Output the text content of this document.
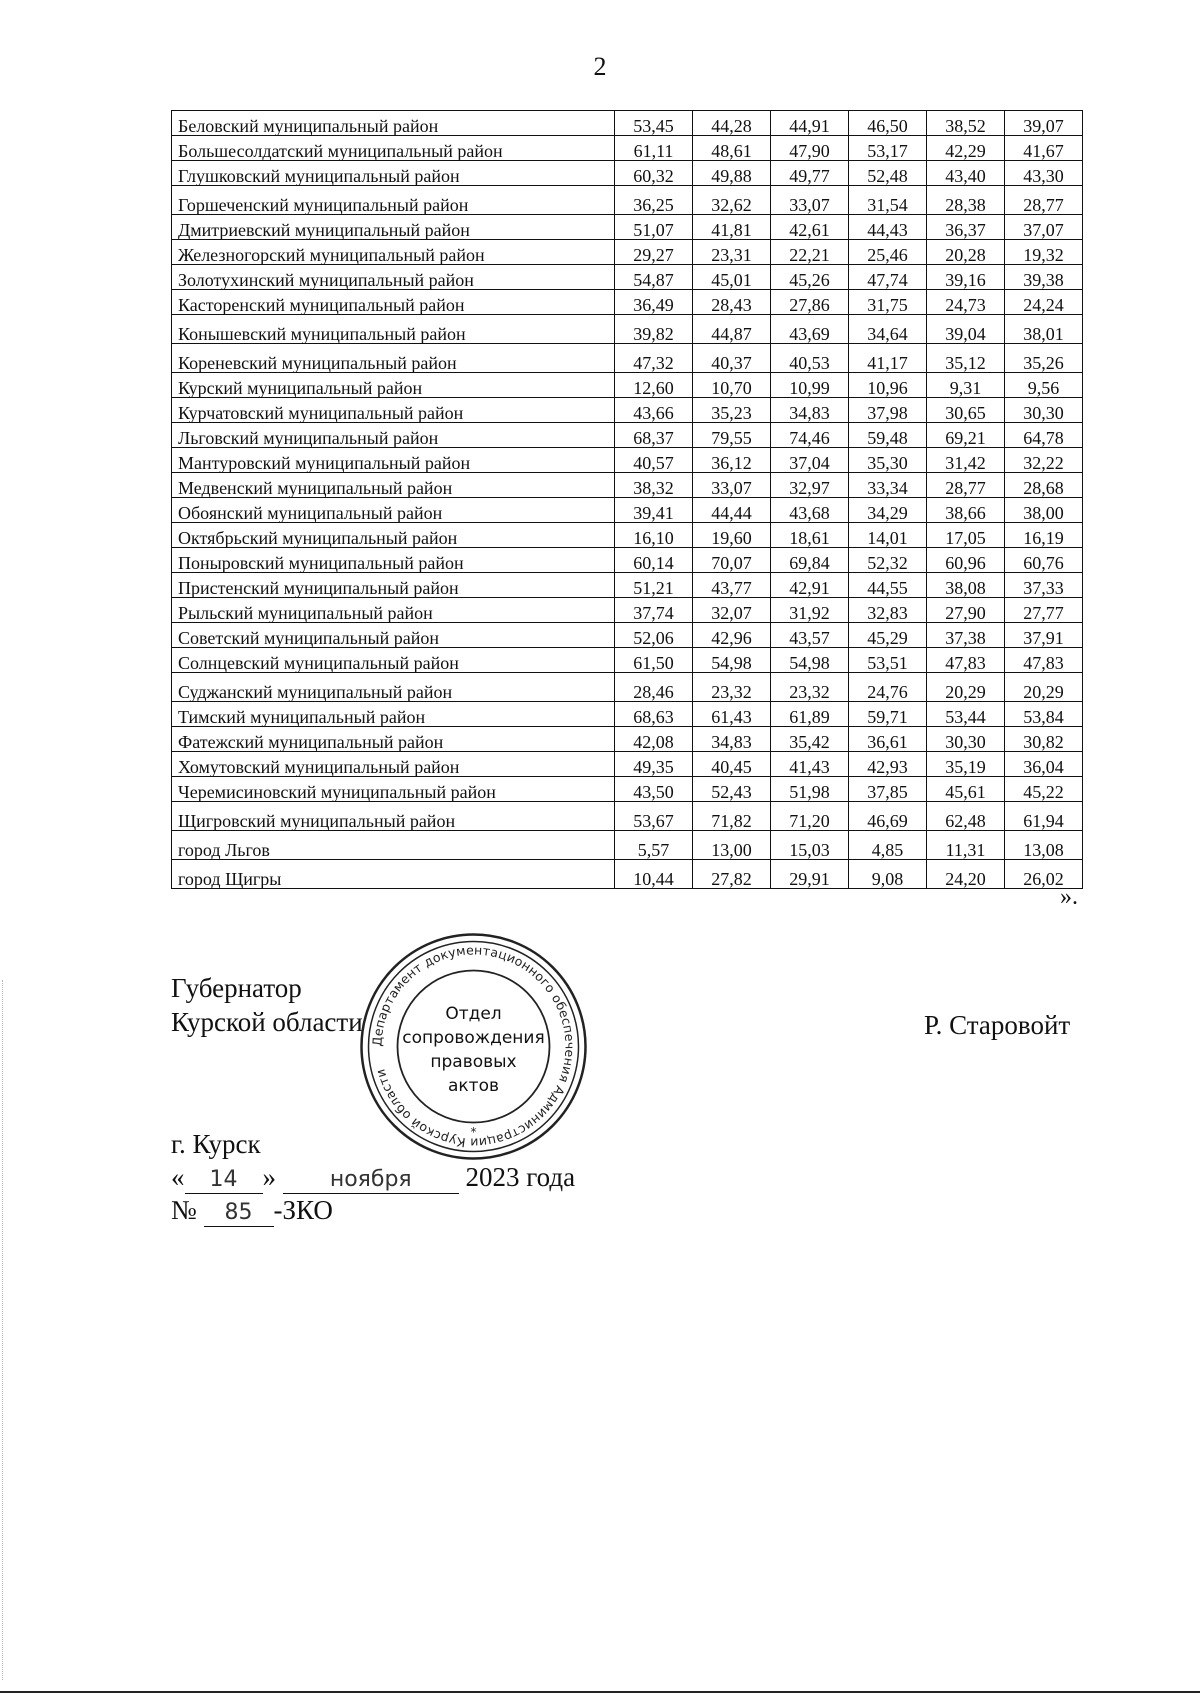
2
Беловский муниципальный район	53,45	44,28	44,91	46,50	38,52	39,07
Большесолдатский муниципальный район	61,11	48,61	47,90	53,17	42,29	41,67
Глушковский муниципальный район	60,32	49,88	49,77	52,48	43,40	43,30
Горшеченский муниципальный район	36,25	32,62	33,07	31,54	28,38	28,77
Дмитриевский муниципальный район	51,07	41,81	42,61	44,43	36,37	37,07
Железногорский муниципальный район	29,27	23,31	22,21	25,46	20,28	19,32
Золотухинский муниципальный район	54,87	45,01	45,26	47,74	39,16	39,38
Касторенский муниципальный район	36,49	28,43	27,86	31,75	24,73	24,24
Конышевский муниципальный район	39,82	44,87	43,69	34,64	39,04	38,01
Кореневский муниципальный район	47,32	40,37	40,53	41,17	35,12	35,26
Курский муниципальный район	12,60	10,70	10,99	10,96	9,31	9,56
Курчатовский муниципальный район	43,66	35,23	34,83	37,98	30,65	30,30
Льговский муниципальный район	68,37	79,55	74,46	59,48	69,21	64,78
Мантуровский муниципальный район	40,57	36,12	37,04	35,30	31,42	32,22
Медвенский муниципальный район	38,32	33,07	32,97	33,34	28,77	28,68
Обоянский муниципальный район	39,41	44,44	43,68	34,29	38,66	38,00
Октябрьский муниципальный район	16,10	19,60	18,61	14,01	17,05	16,19
Поныровский муниципальный район	60,14	70,07	69,84	52,32	60,96	60,76
Пристенский муниципальный район	51,21	43,77	42,91	44,55	38,08	37,33
Рыльский муниципальный район	37,74	32,07	31,92	32,83	27,90	27,77
Советский муниципальный район	52,06	42,96	43,57	45,29	37,38	37,91
Солнцевский муниципальный район	61,50	54,98	54,98	53,51	47,83	47,83
Суджанский муниципальный район	28,46	23,32	23,32	24,76	20,29	20,29
Тимский муниципальный район	68,63	61,43	61,89	59,71	53,44	53,84
Фатежский муниципальный район	42,08	34,83	35,42	36,61	30,30	30,82
Хомутовский муниципальный район	49,35	40,45	41,43	42,93	35,19	36,04
Черемисиновский муниципальный район	43,50	52,43	51,98	37,85	45,61	45,22
Щигровский муниципальный район	53,67	71,82	71,20	46,69	62,48	61,94
город Льгов	5,57	13,00	15,03	4,85	11,31	13,08
город Щигры	10,44	27,82	29,91	9,08	24,20	26,02
».
Губернатор
Курской области	Р. Старовойт
Департамент документационного обеспечения Администрации Курской области
*
Отдел
сопровождения
правовых
актов
г. Курск
« 14 » ноября 2023 года
№ 85 -ЗКО
